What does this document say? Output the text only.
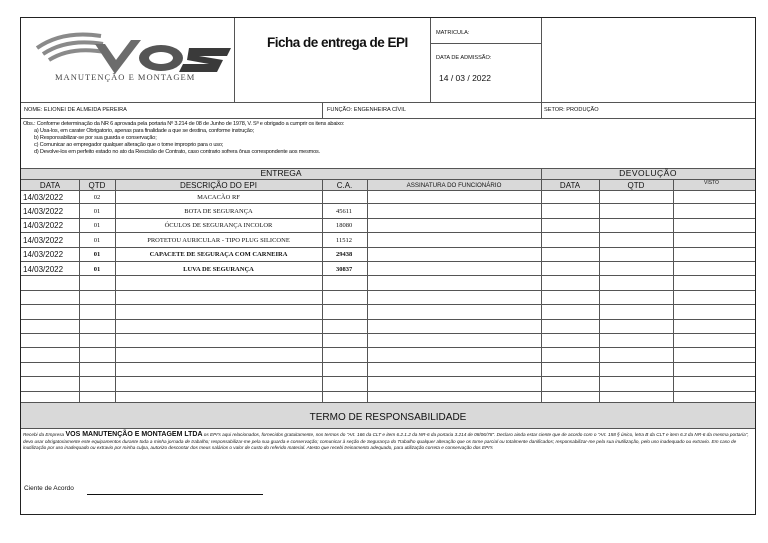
MANUTENÇÃO E MONTAGEM
Ficha de entrega de EPI
MATRICULA:
DATA DE ADMISSÃO:
14 / 03 / 2022
NOME: ELIONEI DE ALMEIDA PEREIRA	FUNÇÃO: ENGENHEIRA CÍVIL	SETOR: PRODUÇÃO
Obs.: Conforme determinação da NR 6 aprovada pela portaria Nº 3.214 de 08 de Junho de 1978, V. Sª e obrigado a cumprir os itens abaixo:
a) Usa-los, em carater Obrigatorio, apenas para finalidade a que se destina, conforme instrução;
b) Responsabilizar-se por sua guarda e conservação;
c) Comunicar ao empregador qualquer alteração que o torne improprio para o uso;
d) Devolve-los em perfeito estado no ato da Rescisão de Contrato, caso contrario sofrera ônus correspondente aos mesmos.
ENTREGA	DEVOLUÇÃO
DATA	QTD	DESCRIÇÃO DO EPI	C.A.	ASSINATURA DO FUNCIONÁRIO	DATA	QTD	VISTO
14/03/2022	02	MACACÃO RF
14/03/2022	01	BOTA DE SEGURANÇA	45611
14/03/2022	01	ÓCULOS DE SEGURANÇA INCOLOR	18080
14/03/2022	01	PROTETOU AURICULAR - TIPO PLUG SILICONE	11512
14/03/2022	01	CAPACETE DE SEGURAÇA COM CARNEIRA	29438
14/03/2022	01	LUVA DE SEGURANÇA	30837
TERMO DE RESPONSABILIDADE
Recebi da Empresa VOS MANUTENÇÃO E MONTAGEM LTDA os EPI's aqui relacionados, fornecidos gratuitamente, nos termos do "Art. 166 da CLT e item 6.2.1.2 da NR-6 da portaria 3.214 de 08/06/78". Declaro ainda estar ciente que de acordo com o "Art. 158 § único, letra B da CLT e item 6.3 da NR-6 da mesma portaria", devo usar obrigatoriamente este equipamentos durante toda a minha jornada de trabalho; responsabilizar-me pela sua guarda e conservação; comunicar à seção de Segurança do Trabalho qualquer alteração que os torne parcial ou totalmente danificados; responsabilizar-me pela sua inutilização, pelo uso inadequado ou extravio. Em caso de inutilização por uso inadequado ou extravio por minha culpa, autorizo descontar dos meus salários o valor de custo do referido material. Atesto que recebi treinamento adequado, para utilização correta e conservação dos EPI's
Ciente de Acordo
